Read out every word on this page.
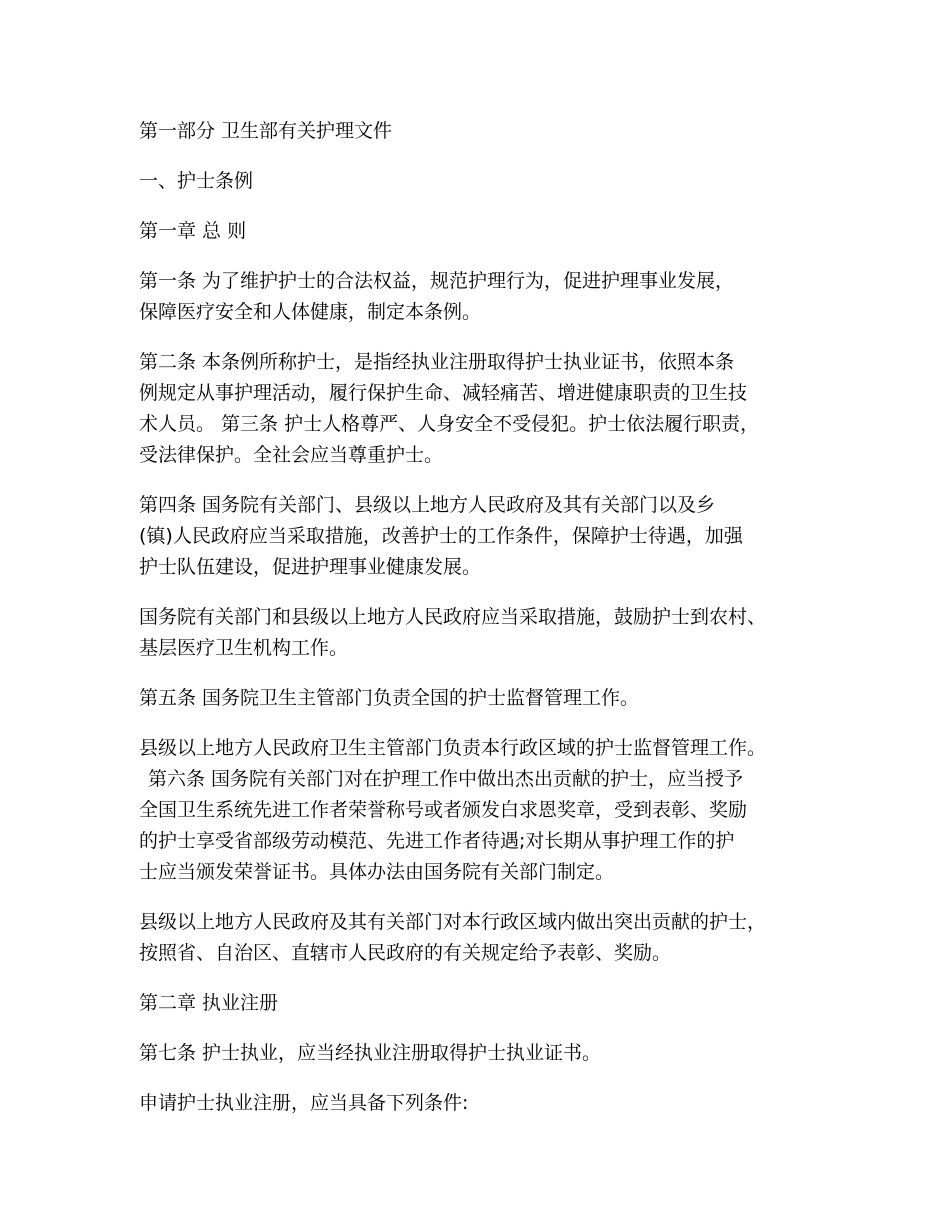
第一部分 卫生部有关护理文件

一、护士条例

第一章 总 则

第一条 为了维护护士的合法权益，规范护理行为，促进护理事业发展，

保障医疗安全和人体健康，制定本条例。

第二条 本条例所称护士，是指经执业注册取得护士执业证书，依照本条

例规定从事护理活动，履行保护生命、减轻痛苦、增进健康职责的卫生技

术人员。 第三条 护士人格尊严、人身安全不受侵犯。护士依法履行职责，

受法律保护。全社会应当尊重护士。

第四条 国务院有关部门、县级以上地方人民政府及其有关部门以及乡

(镇)人民政府应当采取措施，改善护士的工作条件，保障护士待遇，加强

护士队伍建设，促进护理事业健康发展。

国务院有关部门和县级以上地方人民政府应当采取措施，鼓励护士到农村、

基层医疗卫生机构工作。

第五条 国务院卫生主管部门负责全国的护士监督管理工作。

县级以上地方人民政府卫生主管部门负责本行政区域的护士监督管理工作。

第六条 国务院有关部门对在护理工作中做出杰出贡献的护士，应当授予

全国卫生系统先进工作者荣誉称号或者颁发白求恩奖章，受到表彰、奖励

的护士享受省部级劳动模范、先进工作者待遇;对长期从事护理工作的护

士应当颁发荣誉证书。具体办法由国务院有关部门制定。

县级以上地方人民政府及其有关部门对本行政区域内做出突出贡献的护士，

按照省、自治区、直辖市人民政府的有关规定给予表彰、奖励。

第二章 执业注册

第七条 护士执业，应当经执业注册取得护士执业证书。

申请护士执业注册，应当具备下列条件:
